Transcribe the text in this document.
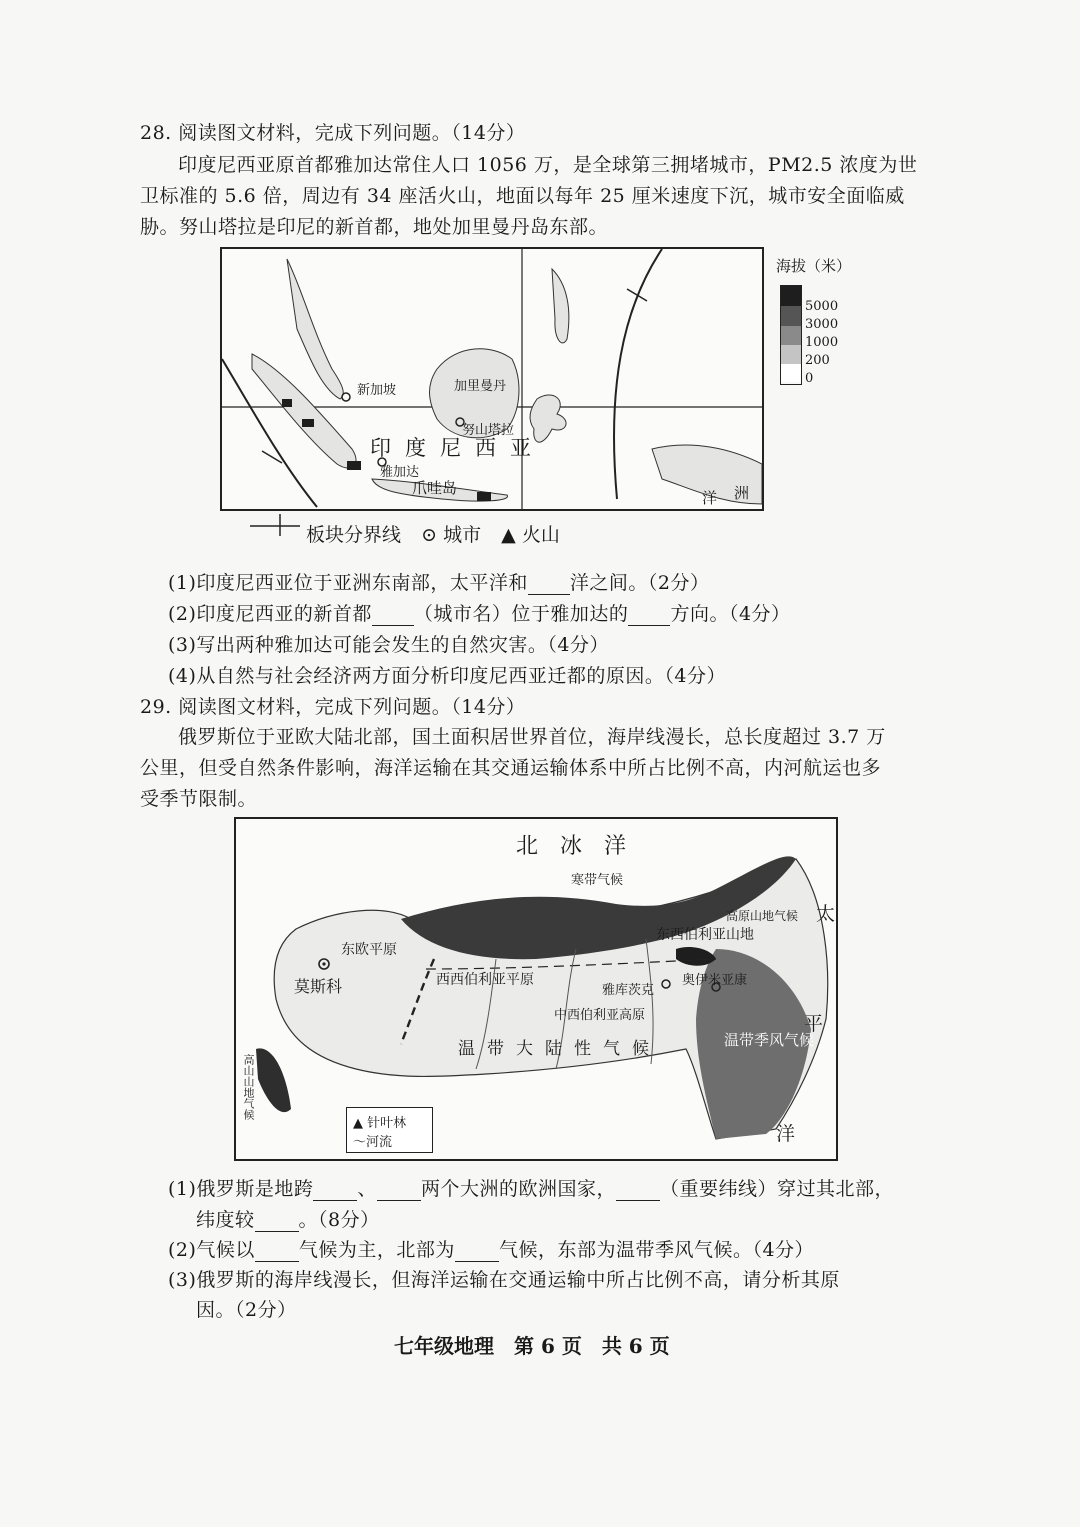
28. 阅读图文材料，完成下列问题。（14分）
印度尼西亚原首都雅加达常住人口 1056 万，是全球第三拥堵城市，PM2.5 浓度为世
卫标准的 5.6 倍，周边有 34 座活火山，地面以每年 25 厘米速度下沉，城市安全面临威
胁。努山塔拉是印尼的新首都，地处加里曼丹岛东部。
新加坡	加里曼丹
努山塔拉
雅加达
爪哇岛
印度尼西亚
洋 洲
海拔（米）
5000
3000
1000
200
0
板块分界线 ⊙ 城市 ▲ 火山
(1)印度尼西亚位于亚洲东南部，太平洋和 洋之间。（2分）
(2)印度尼西亚的新首都 （城市名）位于雅加达的 方向。（4分）
(3)写出两种雅加达可能会发生的自然灾害。（4分）
(4)从自然与社会经济两方面分析印度尼西亚迁都的原因。（4分）
29. 阅读图文材料，完成下列问题。（14分）
俄罗斯位于亚欧大陆北部，国土面积居世界首位，海岸线漫长，总长度超过 3.7 万
公里，但受自然条件影响，海洋运输在其交通运输体系中所占比例不高，内河航运也多
受季节限制。
北冰洋
寒带气候
东西伯利亚山地
高原山地气候
莫斯科
东欧平原
西西伯利亚平原
雅库茨克
奥伊米亚康
中西伯利亚高原
温带大陆性气候	温带季风气候
太
平
洋
高山山地气候
▲ 针叶林
〜河流
(1)俄罗斯是地跨 、 两个大洲的欧洲国家， （重要纬线）穿过其北部，
纬度较 。（8分）
(2)气候以 气候为主，北部为 气候，东部为温带季风气候。（4分）
(3)俄罗斯的海岸线漫长，但海洋运输在交通运输中所占比例不高，请分析其原
因。（2分）
七年级地理　第 6 页　共 6 页
